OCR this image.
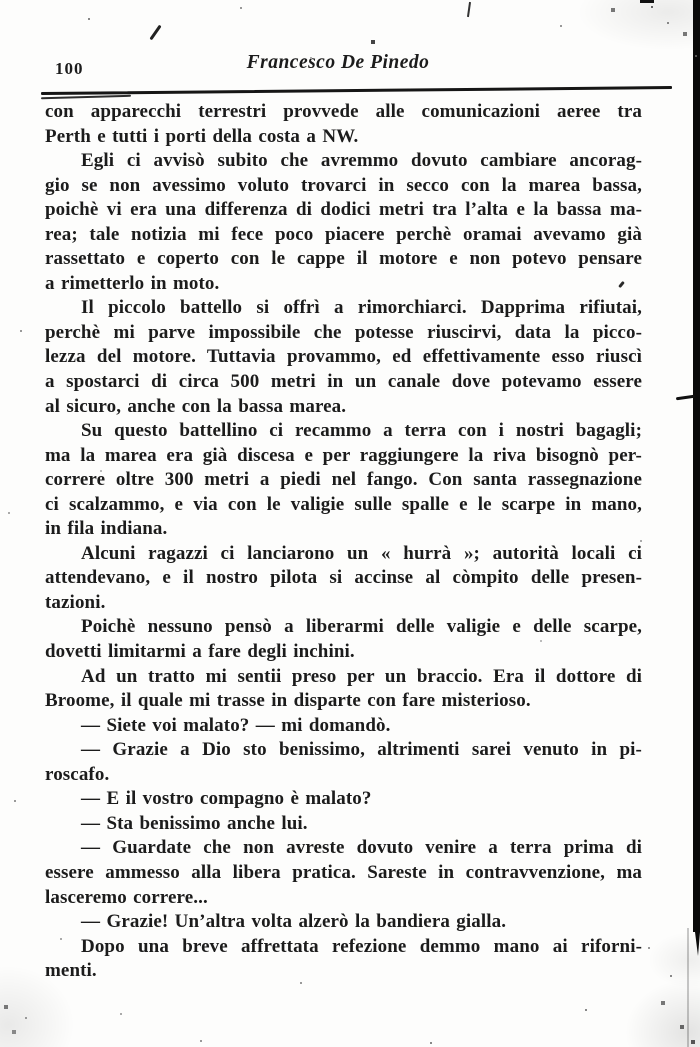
100	Francesco De Pinedo
con apparecchi terrestri provvede alle comunicazioni aeree tra
Perth e tutti i porti della costa a NW.
Egli ci avvisò subito che avremmo dovuto cambiare ancorag-
gio se non avessimo voluto trovarci in secco con la marea bassa,
poichè vi era una differenza di dodici metri tra l’alta e la bassa ma-
rea; tale notizia mi fece poco piacere perchè oramai avevamo già
rassettato e coperto con le cappe il motore e non potevo pensare
a rimetterlo in moto.
Il piccolo battello si offrì a rimorchiarci. Dapprima rifiutai,
perchè mi parve impossibile che potesse riuscirvi, data la picco-
lezza del motore. Tuttavia provammo, ed effettivamente esso riuscì
a spostarci di circa 500 metri in un canale dove potevamo essere
al sicuro, anche con la bassa marea.
Su questo battellino ci recammo a terra con i nostri bagagli;
ma la marea era già discesa e per raggiungere la riva bisognò per-
correre oltre 300 metri a piedi nel fango. Con santa rassegnazione
ci scalzammo, e via con le valigie sulle spalle e le scarpe in mano,
in fila indiana.
Alcuni ragazzi ci lanciarono un « hurrà »; autorità locali ci
attendevano, e il nostro pilota si accinse al còmpito delle presen-
tazioni.
Poichè nessuno pensò a liberarmi delle valigie e delle scarpe,
dovetti limitarmi a fare degli inchini.
Ad un tratto mi sentii preso per un braccio. Era il dottore di
Broome, il quale mi trasse in disparte con fare misterioso.
— Siete voi malato? — mi domandò.
— Grazie a Dio sto benissimo, altrimenti sarei venuto in pi-
roscafo.
— E il vostro compagno è malato?
— Sta benissimo anche lui.
— Guardate che non avreste dovuto venire a terra prima di
essere ammesso alla libera pratica. Sareste in contravvenzione, ma
lasceremo correre...
— Grazie! Un’altra volta alzerò la bandiera gialla.
Dopo una breve affrettata refezione demmo mano ai riforni-
menti.
